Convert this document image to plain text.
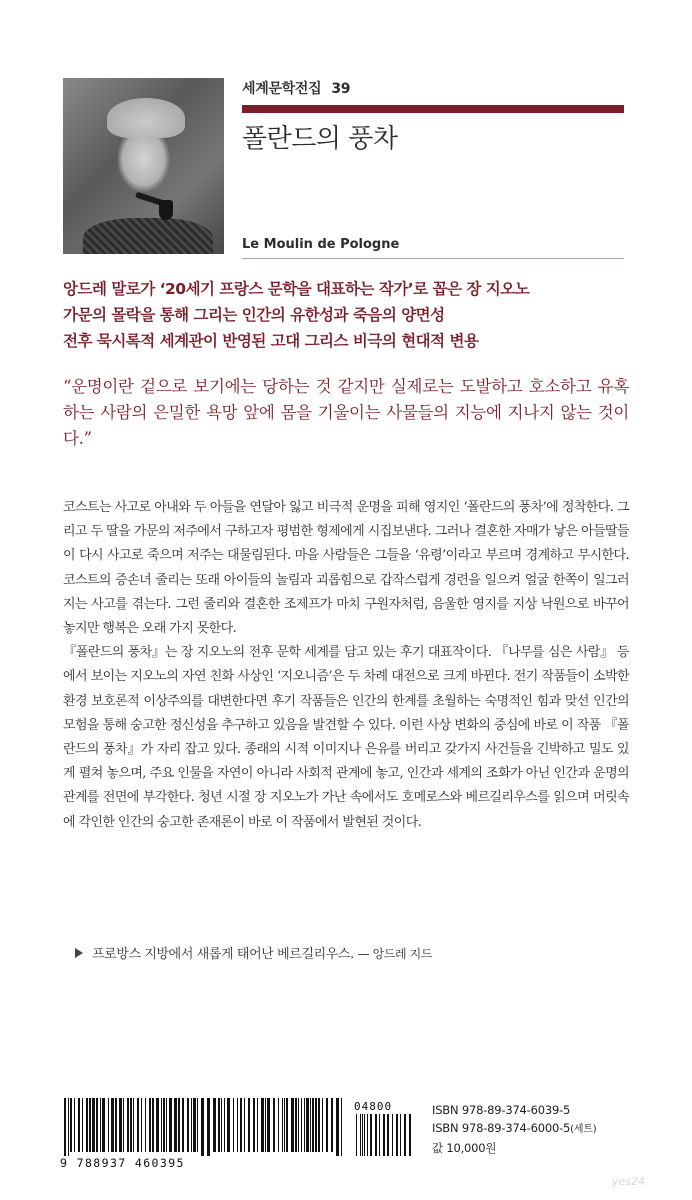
세계문학전집 39
폴란드의 풍차
Le Moulin de Pologne
앙드레 말로가 ‘20세기 프랑스 문학을 대표하는 작가’로 꼽은 장 지오노
가문의 몰락을 통해 그리는 인간의 유한성과 죽음의 양면성
전후 묵시록적 세계관이 반영된 고대 그리스 비극의 현대적 변용
“운명이란 겉으로 보기에는 당하는 것 같지만 실제로는 도발하고 호소하고 유혹하는 사람의 은밀한 욕망 앞에 몸을 기울이는 사물들의 지능에 지나지 않는 것이다.”

코스트는 사고로 아내와 두 아들을 연달아 잃고 비극적 운명을 피해 영지인 ‘폴란드의 풍차’에 정착한다. 그리고 두 딸을 가문의 저주에서 구하고자 평범한 형제에게 시집보낸다. 그러나 결혼한 자매가 낳은 아들딸들이 다시 사고로 죽으며 저주는 대물림된다. 마을 사람들은 그들을 ‘유령’이라고 부르며 경계하고 무시한다. 코스트의 증손녀 줄리는 또래 아이들의 놀림과 괴롭힘으로 갑작스럽게 경련을 일으켜 얼굴 한쪽이 일그러지는 사고를 겪는다. 그런 줄리와 결혼한 조제프가 마치 구원자처럼, 음울한 영지를 지상 낙원으로 바꾸어 놓지만 행복은 오래 가지 못한다.

『폴란드의 풍차』는 장 지오노의 전후 문학 세계를 담고 있는 후기 대표작이다. 『나무를 심은 사람』 등에서 보이는 지오노의 자연 친화 사상인 ‘지오니즘’은 두 차례 대전으로 크게 바뀐다. 전기 작품들이 소박한 환경 보호론적 이상주의를 대변한다면 후기 작품들은 인간의 한계를 초월하는 숙명적인 힘과 맞선 인간의 모험을 통해 숭고한 정신성을 추구하고 있음을 발견할 수 있다. 이런 사상 변화의 중심에 바로 이 작품 『폴란드의 풍차』가 자리 잡고 있다. 종래의 시적 이미지나 은유를 버리고 갖가지 사건들을 긴박하고 밀도 있게 펼쳐 놓으며, 주요 인물을 자연이 아니라 사회적 관계에 놓고, 인간과 세계의 조화가 아닌 인간과 운명의 관계를 전면에 부각한다. 청년 시절 장 지오노가 가난 속에서도 호메로스와 베르길리우스를 읽으며 머릿속에 각인한 인간의 숭고한 존재론이 바로 이 작품에서 발현된 것이다.

프로방스 지방에서 새롭게 태어난 베르길리우스. — 앙드레 지드
9 788937 460395
04800	ISBN 978-89-374-6039-5
ISBN 978-89-374-6000-5(세트)
값 10,000원
yes24
